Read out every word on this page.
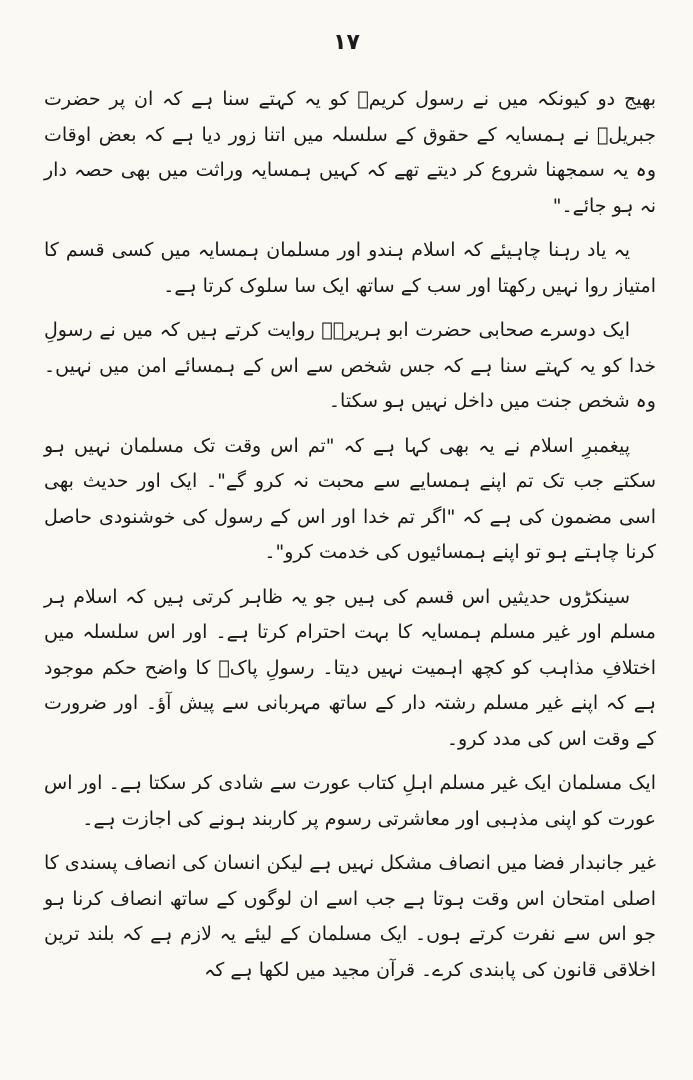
۱۷

بھیج دو کیونکہ میں نے رسول کریمؐ کو یہ کہتے سنا ہے کہ ان پر حضرت جبریلؑ نے ہمسایہ کے حقوق کے سلسلہ میں اتنا زور دیا ہے کہ بعض اوقات وہ یہ سمجھنا شروع کر دیتے تھے کہ کہیں ہمسایہ وراثت میں بھی حصہ دار نہ ہو جائے۔"

یہ یاد رہنا چاہیئے کہ اسلام ہندو اور مسلمان ہمسایہ میں کسی قسم کا امتیاز روا نہیں رکھتا اور سب کے ساتھ ایک سا سلوک کرتا ہے۔

ایک دوسرے صحابی حضرت ابو ہریرہؓ روایت کرتے ہیں کہ میں نے رسولِ خدا کو یہ کہتے سنا ہے کہ جس شخص سے اس کے ہمسائے امن میں نہیں۔ وہ شخص جنت میں داخل نہیں ہو سکتا۔

پیغمبرِ اسلام نے یہ بھی کہا ہے کہ "تم اس وقت تک مسلمان نہیں ہو سکتے جب تک تم اپنے ہمسایے سے محبت نہ کرو گے"۔ ایک اور حدیث بھی اسی مضمون کی ہے کہ "اگر تم خدا اور اس کے رسول کی خوشنودی حاصل کرنا چاہتے ہو تو اپنے ہمسائیوں کی خدمت کرو"۔

سینکڑوں حدیثیں اس قسم کی ہیں جو یہ ظاہر کرتی ہیں کہ اسلام ہر مسلم اور غیر مسلم ہمسایہ کا بہت احترام کرتا ہے۔ اور اس سلسلہ میں اختلافِ مذاہب کو کچھ اہمیت نہیں دیتا۔ رسولِ پاکؐ کا واضح حکم موجود ہے کہ اپنے غیر مسلم رشتہ دار کے ساتھ مہربانی سے پیش آؤ۔ اور ضرورت کے وقت اس کی مدد کرو۔

ایک مسلمان ایک غیر مسلم اہلِ کتاب عورت سے شادی کر سکتا ہے۔ اور اس عورت کو اپنی مذہبی اور معاشرتی رسوم پر کاربند ہونے کی اجازت ہے۔

غیر جانبدار فضا میں انصاف مشکل نہیں ہے لیکن انسان کی انصاف پسندی کا اصلی امتحان اس وقت ہوتا ہے جب اسے ان لوگوں کے ساتھ انصاف کرنا ہو جو اس سے نفرت کرتے ہوں۔ ایک مسلمان کے لیئے یہ لازم ہے کہ بلند ترین اخلاقی قانون کی پابندی کرے۔ قرآن مجید میں لکھا ہے کہ
